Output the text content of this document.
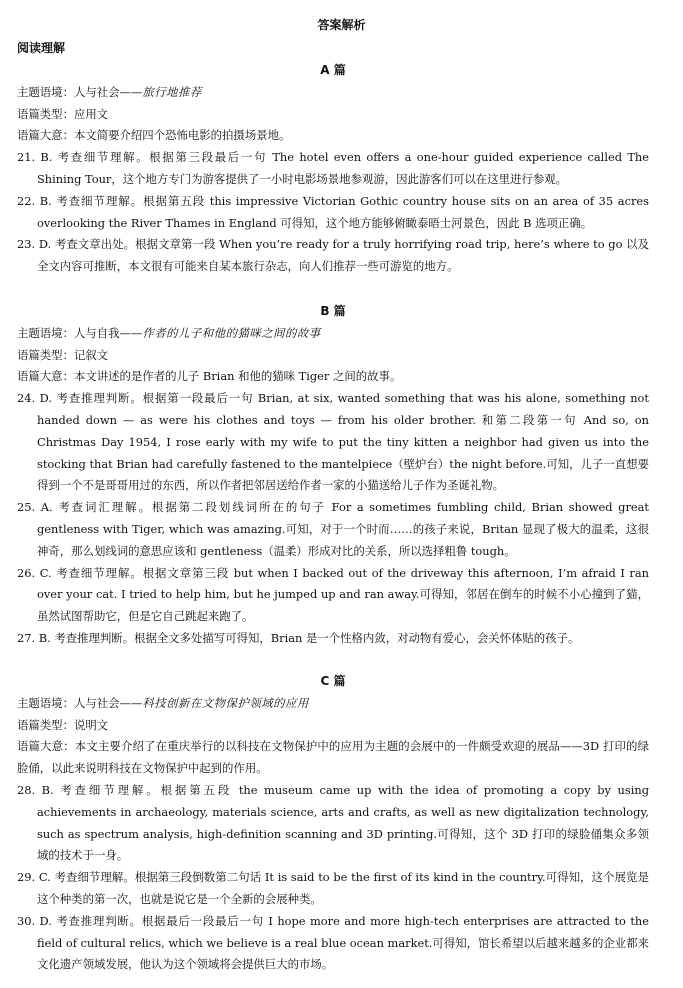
答案解析
阅读理解
A 篇
主题语境：人与社会——旅行地推荐
语篇类型：应用文
语篇大意：本文简要介绍四个恐怖电影的拍摄场景地。
21. B. 考查细节理解。根据第三段最后一句 The hotel even offers a one-hour guided experience called The Shining Tour，这个地方专门为游客提供了一小时电影场景地参观游，因此游客们可以在这里进行参观。
22. B. 考查细节理解。根据第五段 this impressive Victorian Gothic country house sits on an area of 35 acres overlooking the River Thames in England 可得知，这个地方能够俯瞰泰晤士河景色，因此 B 选项正确。
23. D. 考查文章出处。根据文章第一段 When you’re ready for a truly horrifying road trip, here’s where to go 以及全文内容可推断，本文很有可能来自某本旅行杂志，向人们推荐一些可游览的地方。
B 篇
主题语境：人与自我——作者的儿子和他的猫咪之间的故事
语篇类型：记叙文
语篇大意：本文讲述的是作者的儿子 Brian 和他的猫咪 Tiger 之间的故事。
24. D. 考查推理判断。根据第一段最后一句 Brian, at six, wanted something that was his alone, something not handed down — as were his clothes and toys — from his older brother. 和第二段第一句 And so, on Christmas Day 1954, I rose early with my wife to put the tiny kitten a neighbor had given us into the stocking that Brian had carefully fastened to the mantelpiece（壁炉台）the night before.可知，儿子一直想要得到一个不是哥哥用过的东西，所以作者把邻居送给作者一家的小猫送给儿子作为圣诞礼物。
25. A. 考查词汇理解。根据第二段划线词所在的句子 For a sometimes fumbling child, Brian showed great gentleness with Tiger, which was amazing.可知，对于一个时而……的孩子来说，Britan 显现了极大的温柔，这很神奇，那么划线词的意思应该和 gentleness（温柔）形成对比的关系，所以选择粗鲁 tough。
26. C. 考查细节理解。根据文章第三段 but when I backed out of the driveway this afternoon, I’m afraid I ran over your cat. I tried to help him, but he jumped up and ran away.可得知，邻居在倒车的时候不小心撞到了猫，虽然试图帮助它，但是它自己跳起来跑了。
27. B. 考查推理判断。根据全文多处描写可得知，Brian 是一个性格内敛，对动物有爱心，会关怀体贴的孩子。
C 篇
主题语境：人与社会——科技创新在文物保护领域的应用
语篇类型：说明文
语篇大意：本文主要介绍了在重庆举行的以科技在文物保护中的应用为主题的会展中的一件颇受欢迎的展品——3D 打印的绿脸俑，以此来说明科技在文物保护中起到的作用。
28. B. 考查细节理解。根据第五段 the museum came up with the idea of promoting a copy by using achievements in archaeology, materials science, arts and crafts, as well as new digitalization technology, such as spectrum analysis, high-definition scanning and 3D printing.可得知，这个 3D 打印的绿脸俑集众多领域的技术于一身。
29. C. 考查细节理解。根据第三段倒数第二句话 It is said to be the first of its kind in the country.可得知，这个展览是这个种类的第一次，也就是说它是一个全新的会展种类。
30. D. 考查推理判断。根据最后一段最后一句 I hope more and more high-tech enterprises are attracted to the field of cultural relics, which we believe is a real blue ocean market.可得知，馆长希望以后越来越多的企业都来文化遗产领域发展，他认为这个领域将会提供巨大的市场。
